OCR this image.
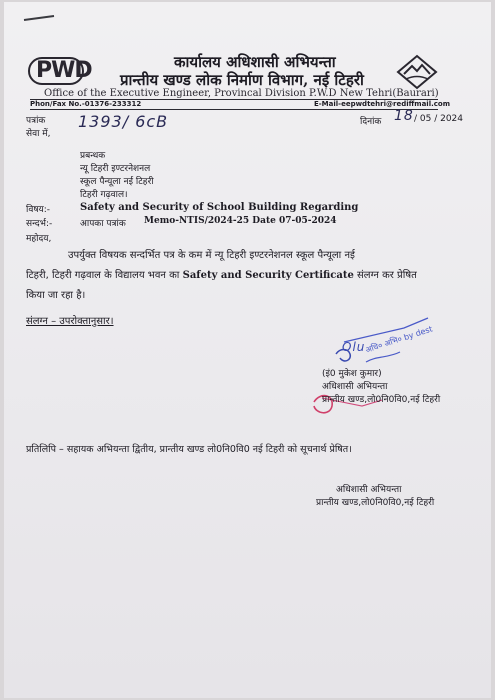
PWD	कार्यालय अधिशासी अभियन्ता
प्रान्तीय खण्ड लोक निर्माण विभाग, नई टिहरी
Office of the Executive Engineer, Provincal Division P.W.D New Tehri(Baurari)
Phon/Fax No.-01376-233312	E-Mail-eepwdtehri@rediffmail.com
पत्रांक
सेवा में,
1393/ 6cB	दिनांक 18 / 05 / 2024
प्रबन्धक
न्यू टिहरी इण्टरनेशनल
स्कूल पैन्यूला नई टिहरी
टिहरी गढ़वाल।
विषय:-	Safety and Security of School Building Regarding
सन्दर्भ:-	आपका पत्रांक Memo-NTIS/2024-25 Date 07-05-2024
महोदय,
उपर्युक्त विषयक सन्दर्भित पत्र के कम में न्यू टिहरी इण्टरनेशनल स्कूल पैन्यूला नई
टिहरी, टिहरी गढ़वाल के विद्यालय भवन का Safety and Security Certificate संलग्न कर प्रेषित
किया जा रहा है।
संलग्न – उपरोक्तानुसार।
Olu
अधि० अभि० by dest
(इं0 मुकेश कुमार)
अधिशासी अभियन्ता
प्रान्तीय खण्ड,लो0नि0वि0,नई टिहरी
प्रतिलिपि – सहायक अभियन्ता द्वितीय, प्रान्तीय खण्ड लो0नि0वि0 नई टिहरी को सूचनार्थ प्रेषित।
अधिशासी अभियन्ता
प्रान्तीय खण्ड,लो0नि0वि0,नई टिहरी
